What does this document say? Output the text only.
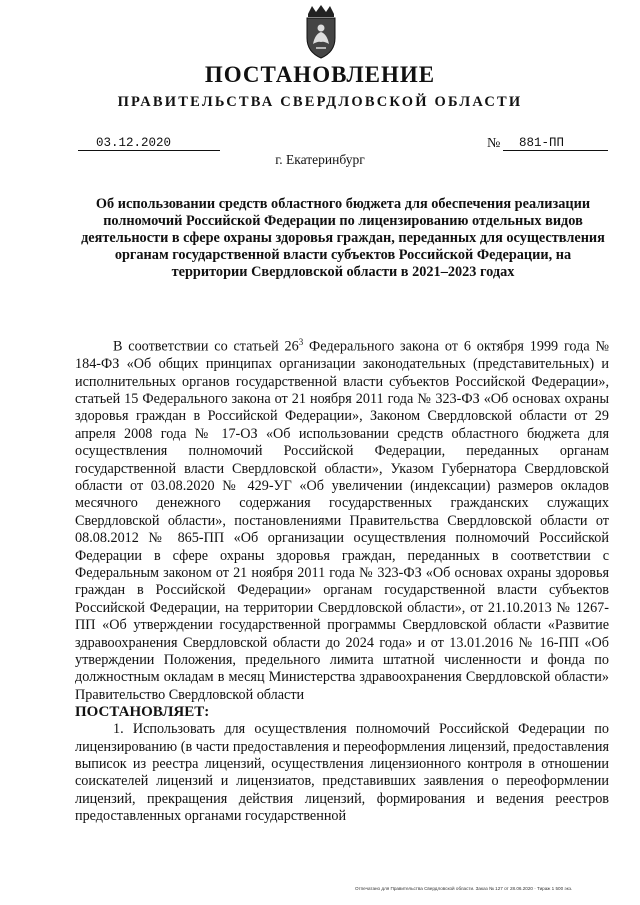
ПОСТАНОВЛЕНИЕ
ПРАВИТЕЛЬСТВА СВЕРДЛОВСКОЙ ОБЛАСТИ
03.12.2020	№	881-ПП
г. Екатеринбург
Об использовании средств областного бюджета для обеспечения реализации полномочий Российской Федерации по лицензированию отдельных видов деятельности в сфере охраны здоровья граждан, переданных для осуществления органам государственной власти субъектов Российской Федерации, на территории Свердловской области в 2021–2023 годах

В соответствии со статьей $26^3$ Федерального закона от 6 октября 1999 года № 184-ФЗ «Об общих принципах организации законодательных (представительных) и исполнительных органов государственной власти субъектов Российской Федерации», статьей 15 Федерального закона от 21 ноября 2011 года № 323-ФЗ «Об основах охраны здоровья граждан в Российской Федерации», Законом Свердловской области от 29 апреля 2008 года № 17-ОЗ «Об использовании средств областного бюджета для осуществления полномочий Российской Федерации, переданных органам государственной власти Свердловской области», Указом Губернатора Свердловской области от 03.08.2020 № 429-УГ «Об увеличении (индексации) размеров окладов месячного денежного содержания государственных гражданских служащих Свердловской области», постановлениями Правительства Свердловской области от 08.08.2012 № 865-ПП «Об организации осуществления полномочий Российской Федерации в сфере охраны здоровья граждан, переданных в соответствии с Федеральным законом от 21 ноября 2011 года № 323-ФЗ «Об основах охраны здоровья граждан в Российской Федерации» органам государственной власти субъектов Российской Федерации, на территории Свердловской области», от 21.10.2013 № 1267-ПП «Об утверждении государственной программы Свердловской области «Развитие здравоохранения Свердловской области до 2024 года» и от 13.01.2016 № 16-ПП «Об утверждении Положения, предельного лимита штатной численности и фонда по должностным окладам в месяц Министерства здравоохранения Свердловской области» Правительство Свердловской области

ПОСТАНОВЛЯЕТ:

1. Использовать для осуществления полномочий Российской Федерации по лицензированию (в части предоставления и переоформления лицензий, предоставления выписок из реестра лицензий, осуществления лицензионного контроля в отношении соискателей лицензий и лицензиатов, представивших заявления о переоформлении лицензий, прекращения действия лицензий, формирования и ведения реестров предоставленных органами государственной

Отпечатано для Правительства Свердловской области. Заказ № 127 от 28.06.2020 · Тираж 1 500 экз.
